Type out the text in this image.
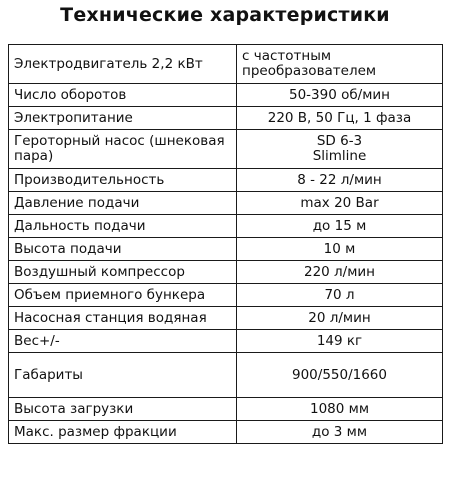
Технические характеристики
Электродвигатель 2,2 кВт	с частотным преобразователем
Число оборотов	50-390 об/мин
Электропитание	220 В, 50 Гц, 1 фаза
Героторный насос (шнековая пара)	SD 6-3 Slimline
Производительность	8 - 22 л/мин
Давление подачи	max 20 Bar
Дальность подачи	до 15 м
Высота подачи	10 м
Воздушный компрессор	220 л/мин
Объем приемного бункера	70 л
Насосная станция водяная	20 л/мин
Вес+/-	149 кг
Габариты	900/550/1660
Высота загрузки	1080 мм
Макс. размер фракции	до 3 мм
